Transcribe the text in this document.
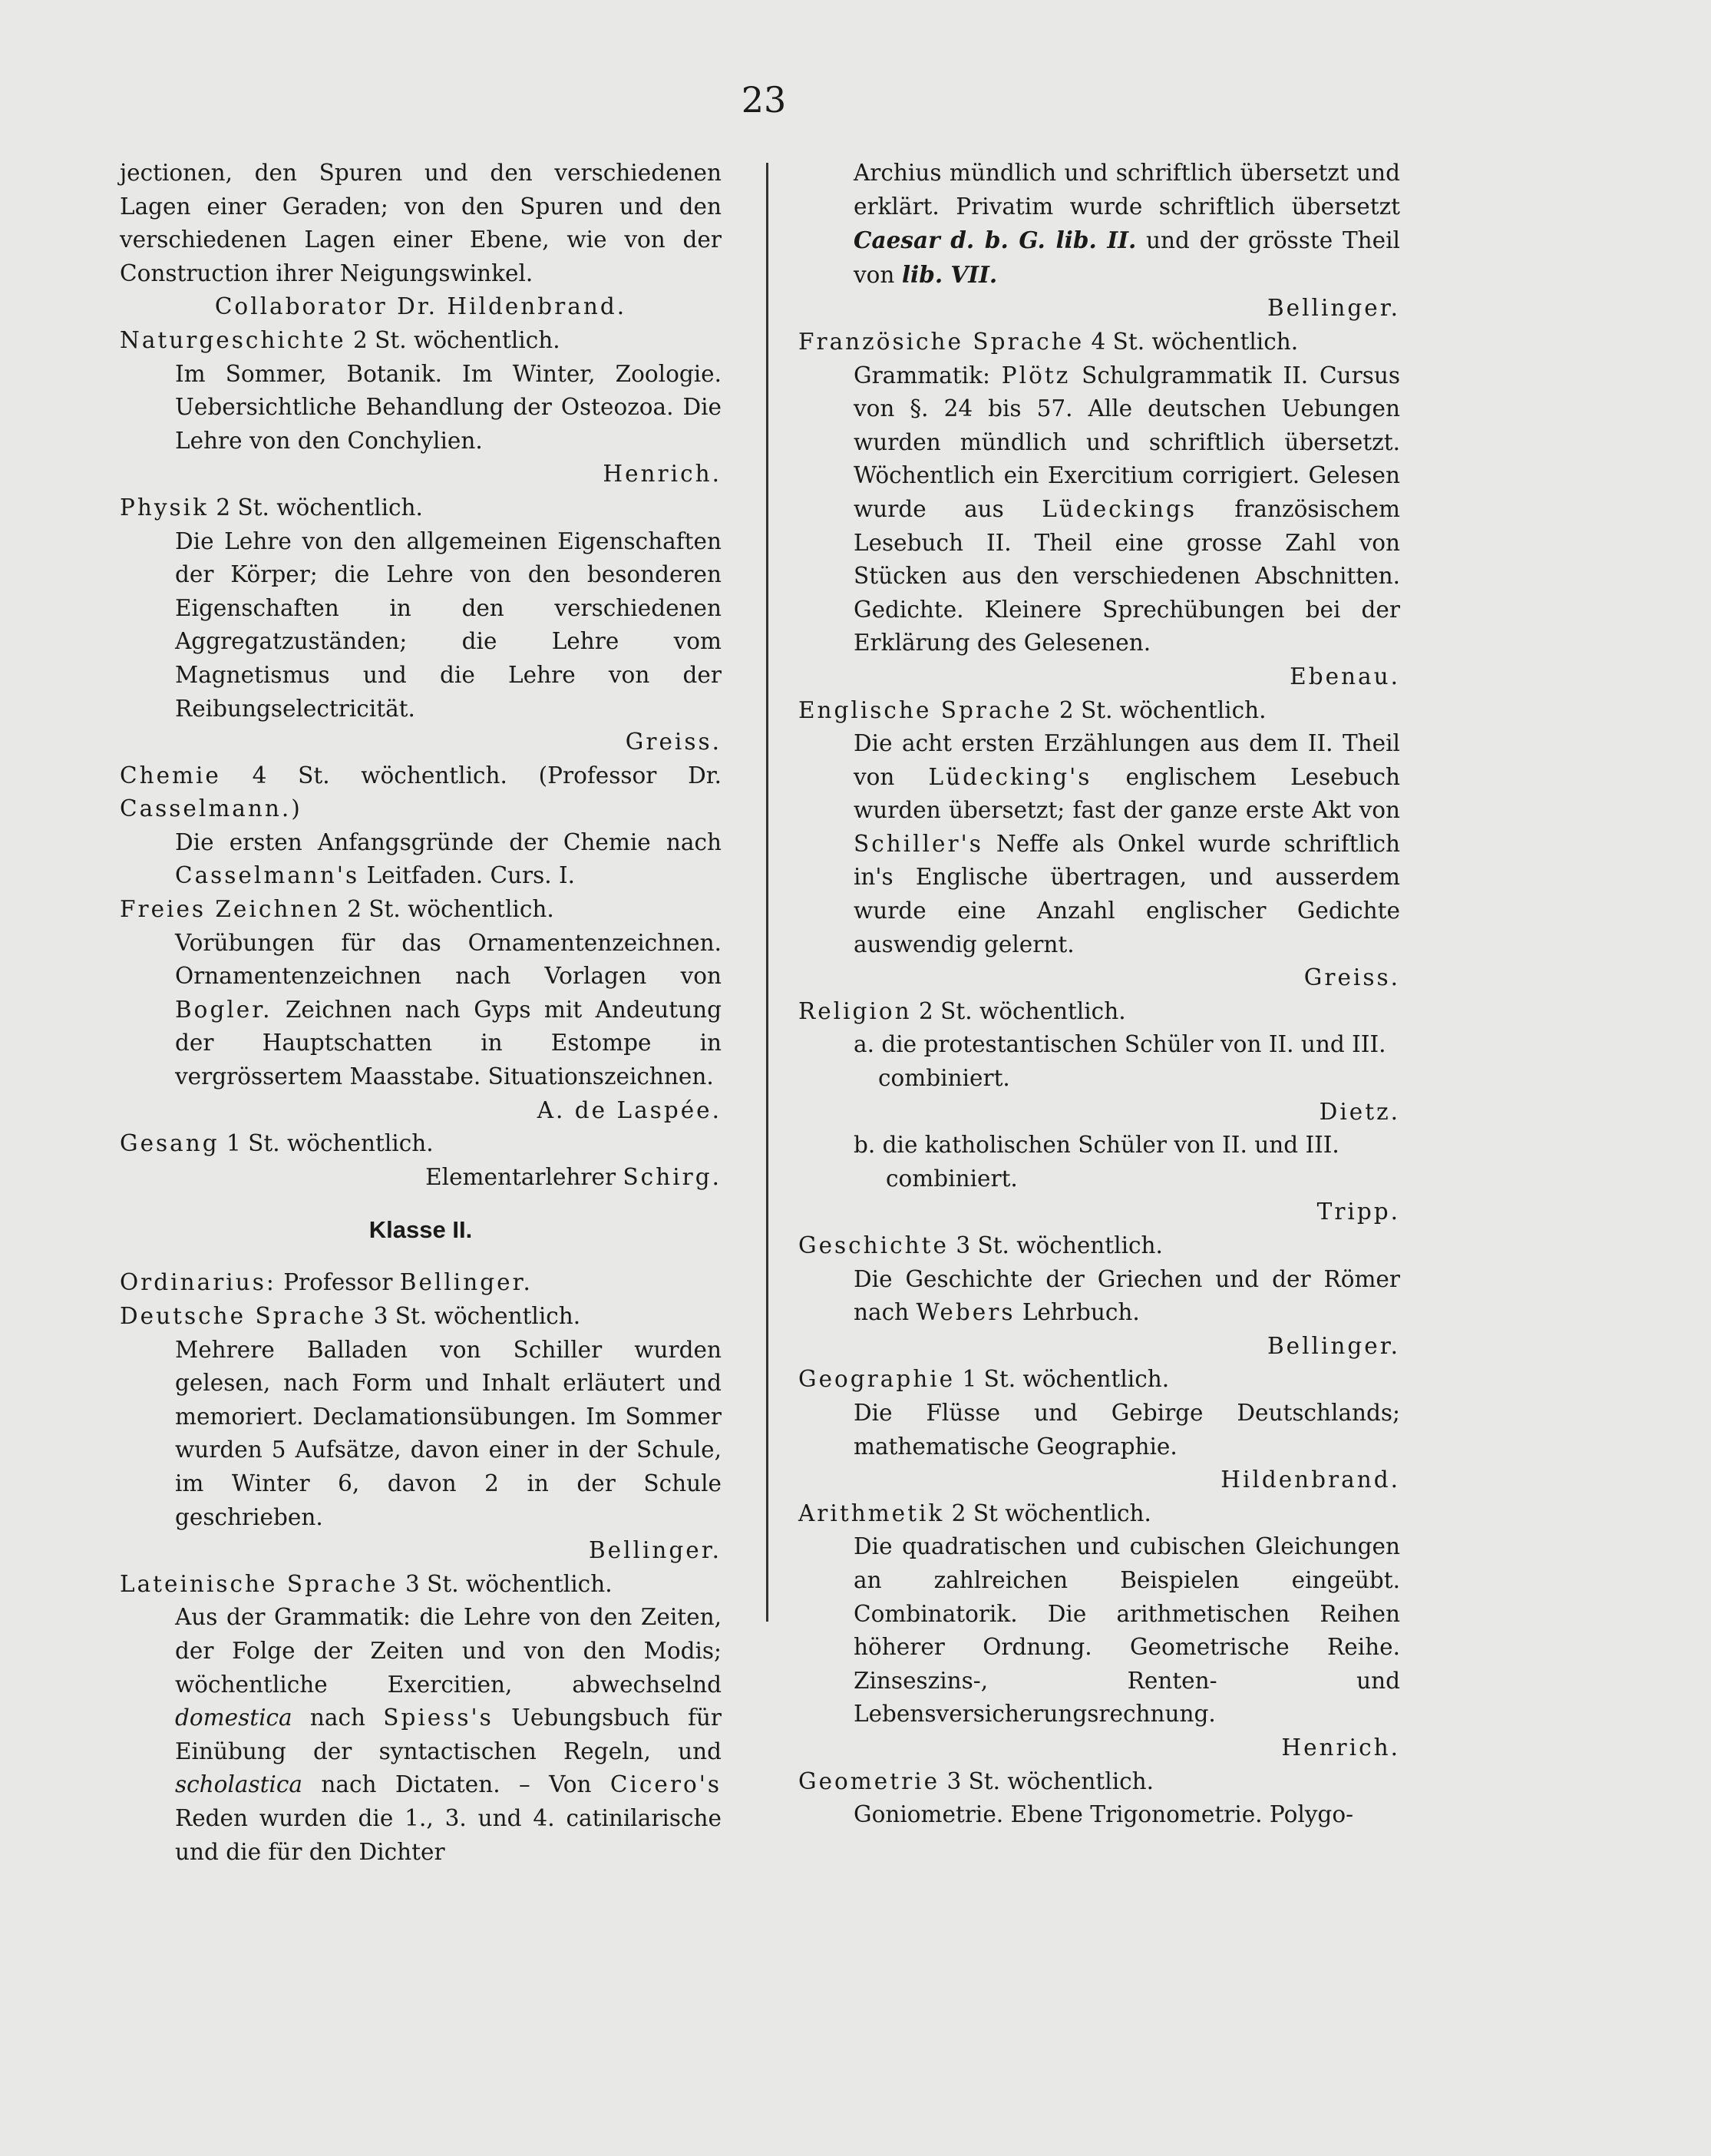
23

jectionen, den Spuren und den verschiedenen Lagen einer Geraden; von den Spuren und den verschiedenen Lagen einer Ebene, wie von der Construction ihrer Neigungswinkel.

Collaborator Dr. Hildenbrand.

Naturgeschichte 2 St. wöchentlich.

Im Sommer, Botanik. Im Winter, Zoologie. Uebersichtliche Behandlung der Osteozoa. Die Lehre von den Conchylien.

Henrich.

Physik 2 St. wöchentlich.

Die Lehre von den allgemeinen Eigenschaften der Körper; die Lehre von den besonderen Eigenschaften in den verschiedenen Aggregatzuständen; die Lehre vom Magnetismus und die Lehre von der Reibungselectricität.

Greiss.

Chemie 4 St. wöchentlich. (Professor Dr. Casselmann.)

Die ersten Anfangsgründe der Chemie nach Casselmann's Leitfaden. Curs. I.

Freies Zeichnen 2 St. wöchentlich.

Vorübungen für das Ornamentenzeichnen. Ornamentenzeichnen nach Vorlagen von Bogler. Zeichnen nach Gyps mit Andeutung der Hauptschatten in Estompe in vergrössertem Maasstabe. Situationszeichnen.

A. de Laspée.

Gesang 1 St. wöchentlich.

Elementarlehrer Schirg.

Klasse II.

Ordinarius: Professor Bellinger.

Deutsche Sprache 3 St. wöchentlich.

Mehrere Balladen von Schiller wurden gelesen, nach Form und Inhalt erläutert und memoriert. Declamationsübungen. Im Sommer wurden 5 Aufsätze, davon einer in der Schule, im Winter 6, davon 2 in der Schule geschrieben.

Bellinger.

Lateinische Sprache 3 St. wöchentlich.

Aus der Grammatik: die Lehre von den Zeiten, der Folge der Zeiten und von den Modis; wöchentliche Exercitien, abwechselnd domestica nach Spiess's Uebungsbuch für Einübung der syntactischen Regeln, und scholastica nach Dictaten. – Von Cicero's Reden wurden die 1., 3. und 4. catinilarische und die für den Dichter

Archius mündlich und schriftlich übersetzt und erklärt. Privatim wurde schriftlich übersetzt Caesar d. b. G. lib. II. und der grösste Theil von lib. VII.

Bellinger.

Französiche Sprache 4 St. wöchentlich.

Grammatik: Plötz Schulgrammatik II. Cursus von §. 24 bis 57. Alle deutschen Uebungen wurden mündlich und schriftlich übersetzt. Wöchentlich ein Exercitium corrigiert. Gelesen wurde aus Lüdeckings französischem Lesebuch II. Theil eine grosse Zahl von Stücken aus den verschiedenen Abschnitten. Gedichte. Kleinere Sprechübungen bei der Erklärung des Gelesenen.

Ebenau.

Englische Sprache 2 St. wöchentlich.

Die acht ersten Erzählungen aus dem II. Theil von Lüdecking's englischem Lesebuch wurden übersetzt; fast der ganze erste Akt von Schiller's Neffe als Onkel wurde schriftlich in's Englische übertragen, und ausserdem wurde eine Anzahl englischer Gedichte auswendig gelernt.

Greiss.

Religion 2 St. wöchentlich.

a. die protestantischen Schüler von II. und III.

combiniert.

Dietz.

b. die katholischen Schüler von II. und III.

combiniert.

Tripp.

Geschichte 3 St. wöchentlich.

Die Geschichte der Griechen und der Römer nach Webers Lehrbuch.

Bellinger.

Geographie 1 St. wöchentlich.

Die Flüsse und Gebirge Deutschlands; mathematische Geographie.

Hildenbrand.

Arithmetik 2 St wöchentlich.

Die quadratischen und cubischen Gleichungen an zahlreichen Beispielen eingeübt. Combinatorik. Die arithmetischen Reihen höherer Ordnung. Geometrische Reihe. Zinseszins-, Renten- und Lebensversicherungsrechnung.

Henrich.

Geometrie 3 St. wöchentlich.

Goniometrie. Ebene Trigonometrie. Polygo-
